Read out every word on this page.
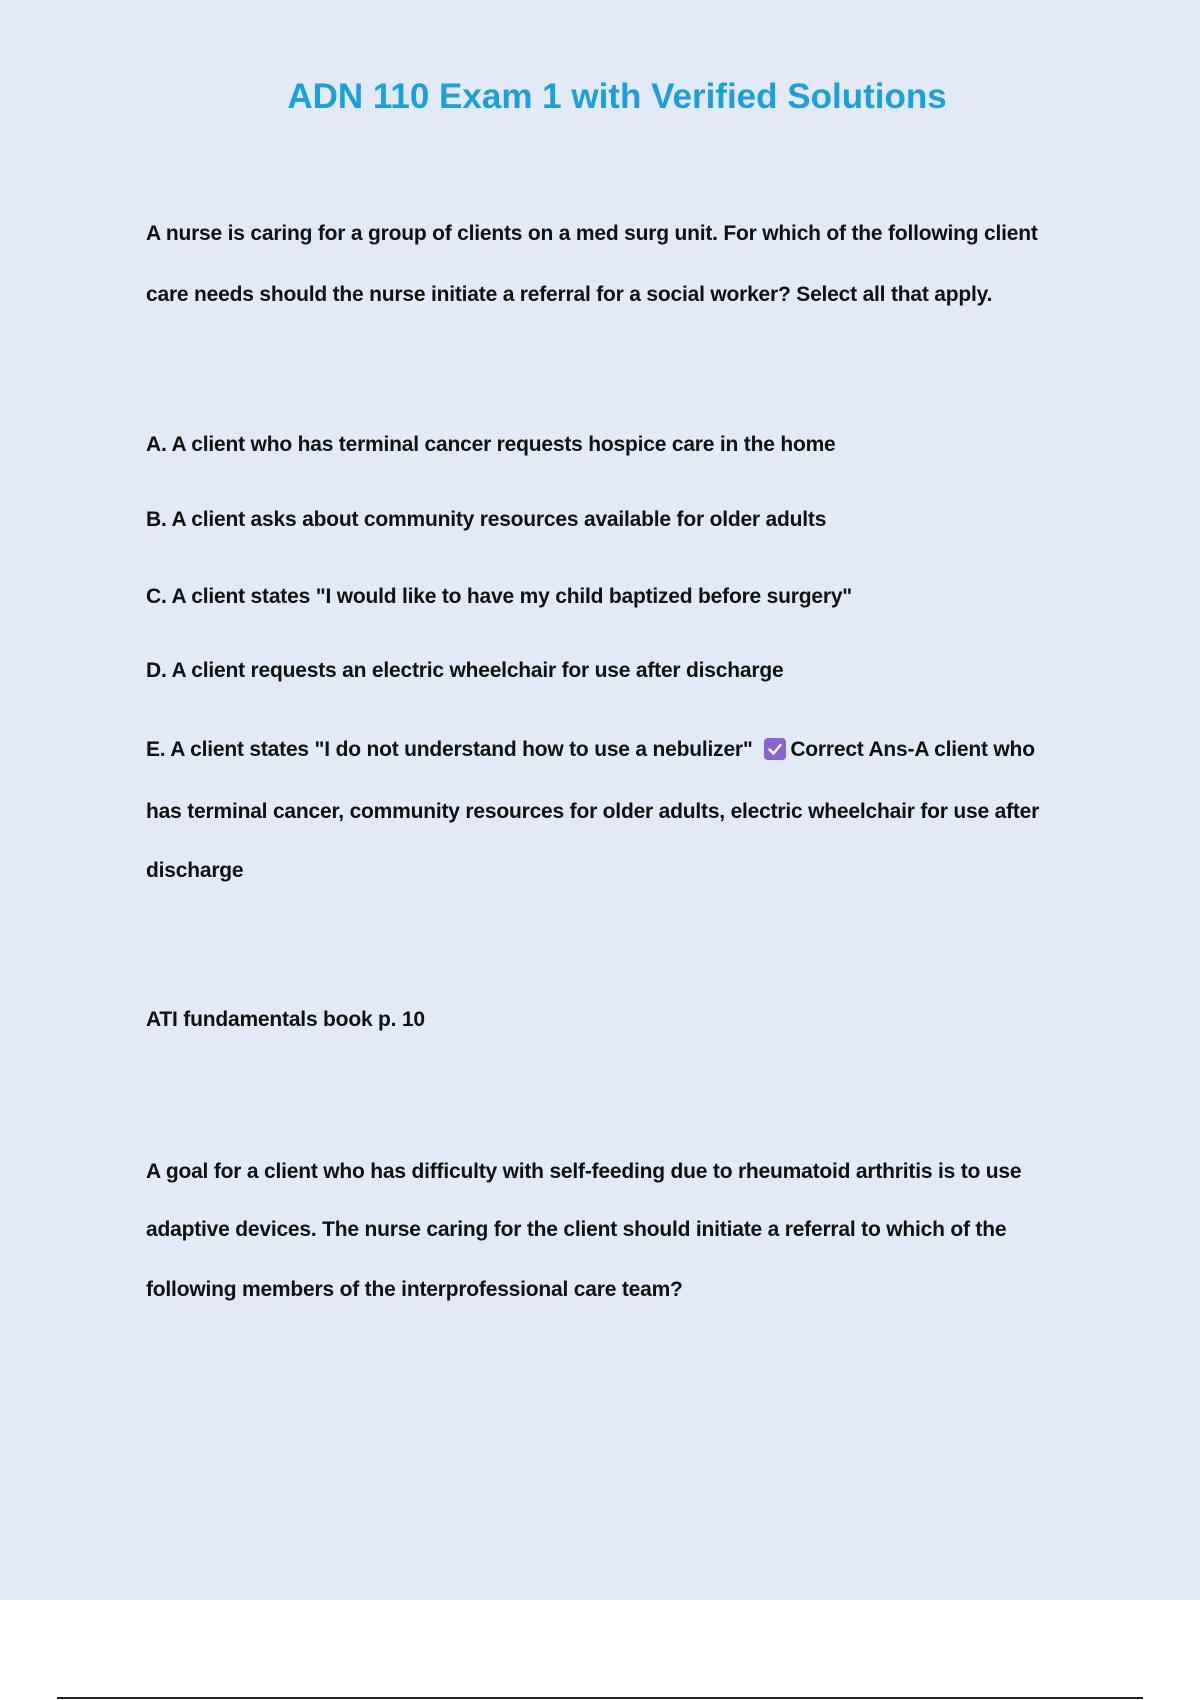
ADN 110 Exam 1 with Verified Solutions

A nurse is caring for a group of clients on a med surg unit. For which of the following client

care needs should the nurse initiate a referral for a social worker? Select all that apply.

A. A client who has terminal cancer requests hospice care in the home

B. A client asks about community resources available for older adults

C. A client states "I would like to have my child baptized before surgery"

D. A client requests an electric wheelchair for use after discharge

E. A client states "I do not understand how to use a nebulizer" Correct Ans-A client who

has terminal cancer, community resources for older adults, electric wheelchair for use after

discharge

ATI fundamentals book p. 10

A goal for a client who has difficulty with self-feeding due to rheumatoid arthritis is to use

adaptive devices. The nurse caring for the client should initiate a referral to which of the

following members of the interprofessional care team?
